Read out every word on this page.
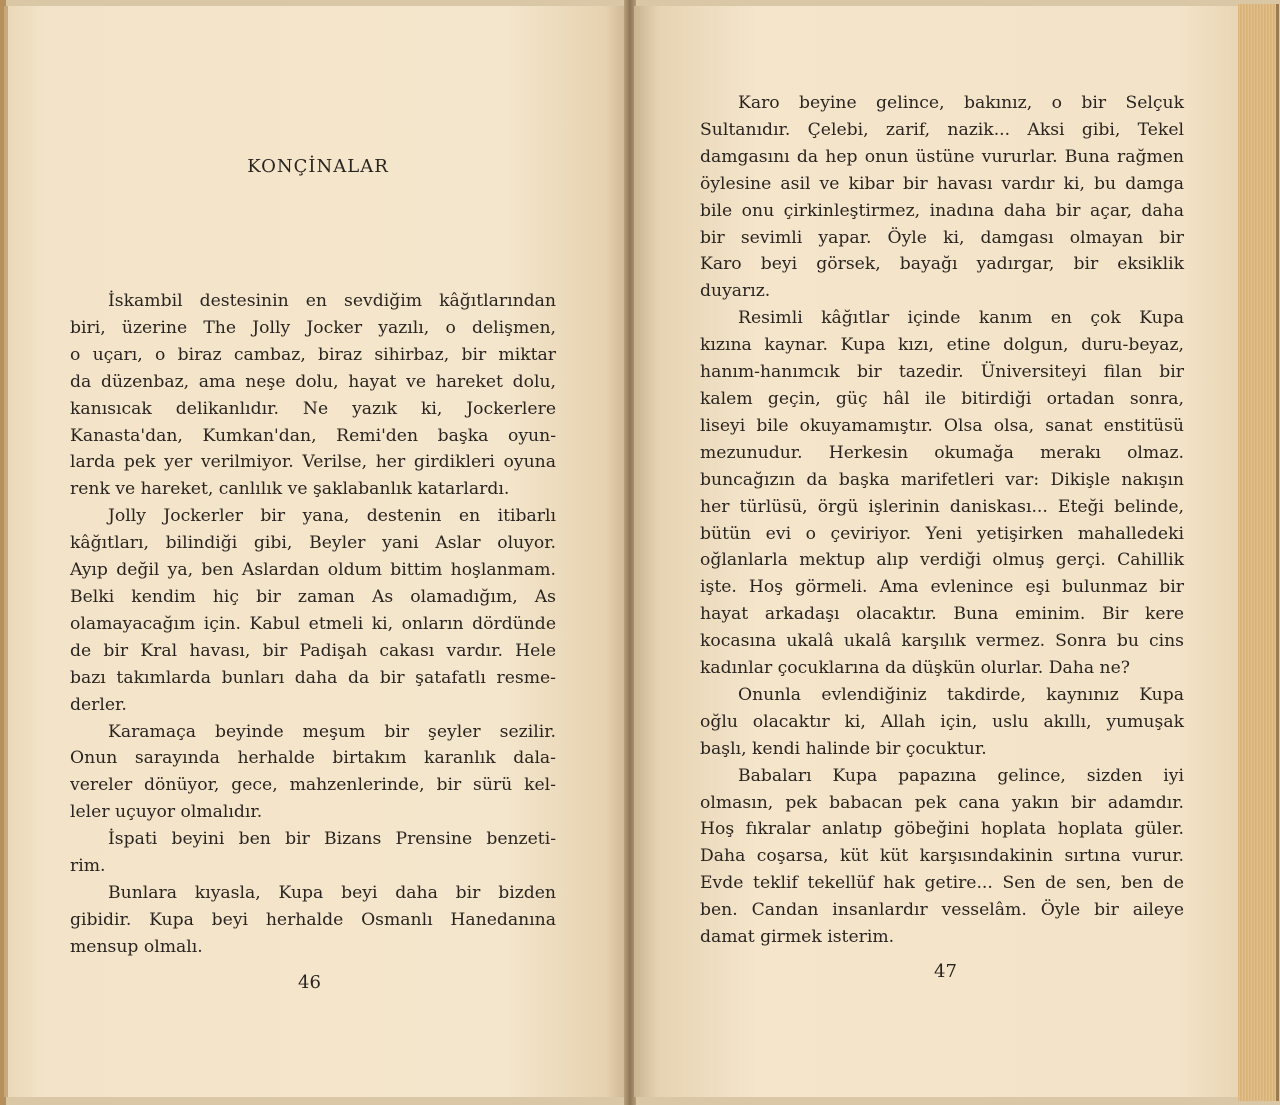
KONÇİNALAR

İskambil destesinin en sevdiğim kâğıtlarından
biri, üzerine The Jolly Jocker yazılı, o delişmen,
o uçarı, o biraz cambaz, biraz sihirbaz, bir miktar
da düzenbaz, ama neşe dolu, hayat ve hareket dolu,
kanısıcak delikanlıdır. Ne yazık ki, Jockerlere
Kanasta'dan, Kumkan'dan, Remi'den başka oyun-
larda pek yer verilmiyor. Verilse, her girdikleri oyuna
renk ve hareket, canlılık ve şaklabanlık katarlardı.

Jolly Jockerler bir yana, destenin en itibarlı
kâğıtları, bilindiği gibi, Beyler yani Aslar oluyor.
Ayıp değil ya, ben Aslardan oldum bittim hoşlanmam.
Belki kendim hiç bir zaman As olamadığım, As
olamayacağım için. Kabul etmeli ki, onların dördünde
de bir Kral havası, bir Padişah cakası vardır. Hele
bazı takımlarda bunları daha da bir şatafatlı resme-
derler.

Karamaça beyinde meşum bir şeyler sezilir.
Onun sarayında herhalde birtakım karanlık dala-
vereler dönüyor, gece, mahzenlerinde, bir sürü kel-
leler uçuyor olmalıdır.

İspati beyini ben bir Bizans Prensine benzeti-
rim.

Bunlara kıyasla, Kupa beyi daha bir bizden
gibidir. Kupa beyi herhalde Osmanlı Hanedanına
mensup olmalı.

46

Karo beyine gelince, bakınız, o bir Selçuk
Sultanıdır. Çelebi, zarif, nazik... Aksi gibi, Tekel
damgasını da hep onun üstüne vururlar. Buna rağmen
öylesine asil ve kibar bir havası vardır ki, bu damga
bile onu çirkinleştirmez, inadına daha bir açar, daha
bir sevimli yapar. Öyle ki, damgası olmayan bir
Karo beyi görsek, bayağı yadırgar, bir eksiklik
duyarız.

Resimli kâğıtlar içinde kanım en çok Kupa
kızına kaynar. Kupa kızı, etine dolgun, duru-beyaz,
hanım-hanımcık bir tazedir. Üniversiteyi filan bir
kalem geçin, güç hâl ile bitirdiği ortadan sonra,
liseyi bile okuyamamıştır. Olsa olsa, sanat enstitüsü
mezunudur. Herkesin okumağa merakı olmaz.
buncağızın da başka marifetleri var: Dikişle nakışın
her türlüsü, örgü işlerinin daniskası... Eteği belinde,
bütün evi o çeviriyor. Yeni yetişirken mahalledeki
oğlanlarla mektup alıp verdiği olmuş gerçi. Cahillik
işte. Hoş görmeli. Ama evlenince eşi bulunmaz bir
hayat arkadaşı olacaktır. Buna eminim. Bir kere
kocasına ukalâ ukalâ karşılık vermez. Sonra bu cins
kadınlar çocuklarına da düşkün olurlar. Daha ne?

Onunla evlendiğiniz takdirde, kaynınız Kupa
oğlu olacaktır ki, Allah için, uslu akıllı, yumuşak
başlı, kendi halinde bir çocuktur.

Babaları Kupa papazına gelince, sizden iyi
olmasın, pek babacan pek cana yakın bir adamdır.
Hoş fıkralar anlatıp göbeğini hoplata hoplata güler.
Daha coşarsa, küt küt karşısındakinin sırtına vurur.
Evde teklif tekellüf hak getire... Sen de sen, ben de
ben. Candan insanlardır vesselâm. Öyle bir aileye
damat girmek isterim.

47
